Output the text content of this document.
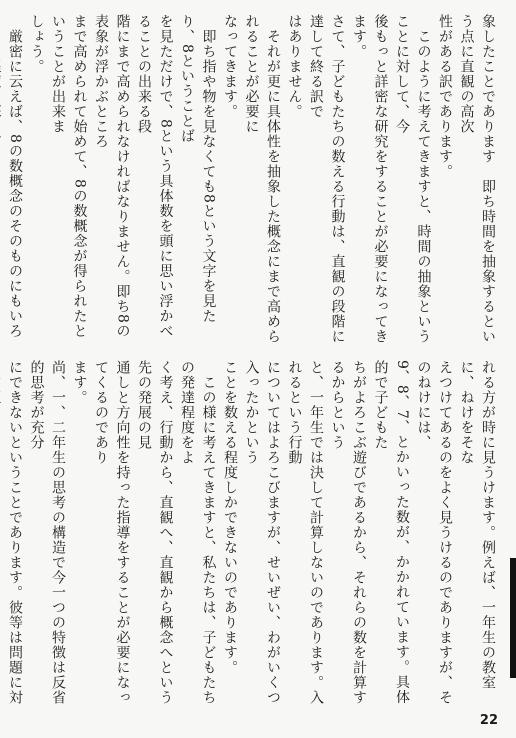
象したことであります　即ち時間を抽象するという点に直観の高次
性がある訳であります。
　このように考えてきますと、時間の抽象ということに対して、今
後もっと詳密な研究をすることが必要になってきます。
さて、子どもたちの数える行動は、直観の段階に達して終る訳で
はありません。
　それが更に具体性を抽象した概念にまで高められることが必要に
なってきます。
　即ち指や物を見なくても8という文字を見たり、8ということば
を見ただけで、8という具体数を頭に思い浮かべることの出来る段
階にまで高められなければなりません。即ち8の表象が浮かぶところ
まで高められて始めて、8の数概念が得られたということが出来ま
しょう。
　厳密に云えば、8の数概念のそのものにもいろ
れる方が時に見うけます。例えば、一年生の教室に、ねけをそな
えつけてあるのをよく見うけるのでありますが、そのねけには、
9、8、7、とかいった数が、かかれています。具体的で子どもた
ちがよろこぶ遊びであるから、それらの数を計算するからという
と、一年生では決して計算しないのであります。入れるという行動
についてはよろこびますが、せいぜい、わがいくつ入ったかという
ことを数える程度しかできないのであります。
　この様に考えてきますと、私たちは、子どもたちの発達程度をよ
く考え、行動から、直観へ、直観から概念へという先の発展の見
通しと方向性を持った指導をすることが必要になってくるのであり
ます。
尚、一、二年生の思考の構造で今一つの特徴は反省的思考が充分
にできないということであります。彼等は問題に対
22
